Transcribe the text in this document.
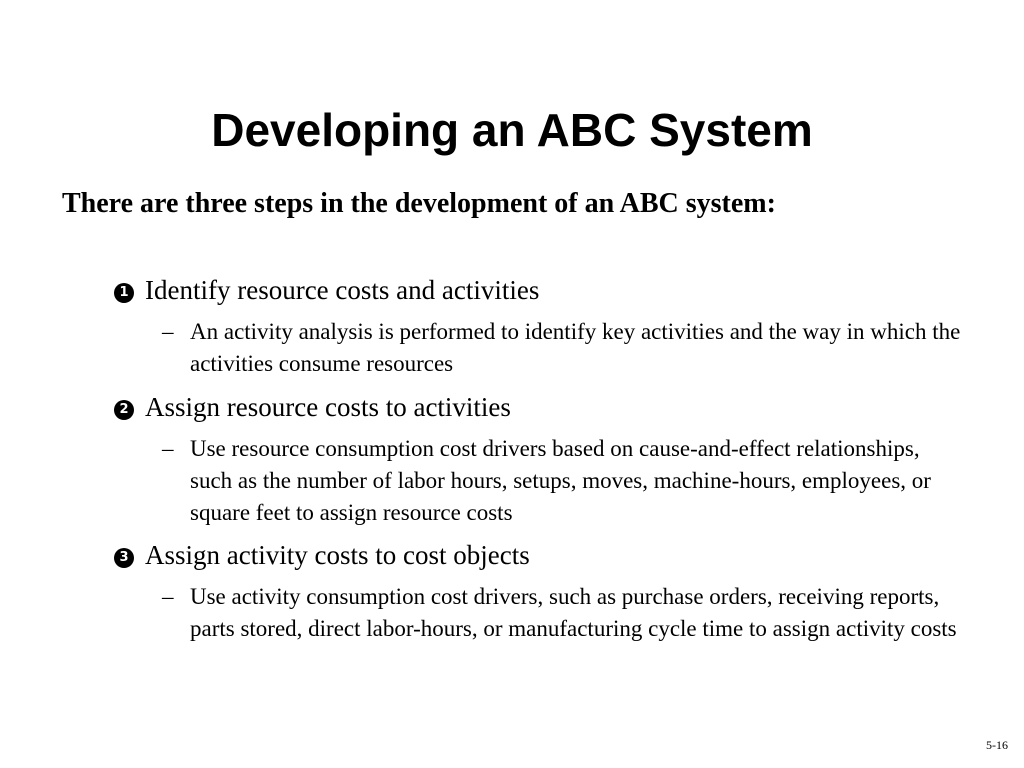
Developing an ABC System

There are three steps in the development of an ABC system:

1 Identify resource costs and activities
– An activity analysis is performed to identify key activities and the way in which the activities consume resources
2 Assign resource costs to activities
– Use resource consumption cost drivers based on cause-and-effect relationships, such as the number of labor hours, setups, moves, machine-hours, employees, or square feet to assign resource costs
3 Assign activity costs to cost objects
– Use activity consumption cost drivers, such as purchase orders, receiving reports, parts stored, direct labor-hours, or manufacturing cycle time to assign activity costs
5-16
